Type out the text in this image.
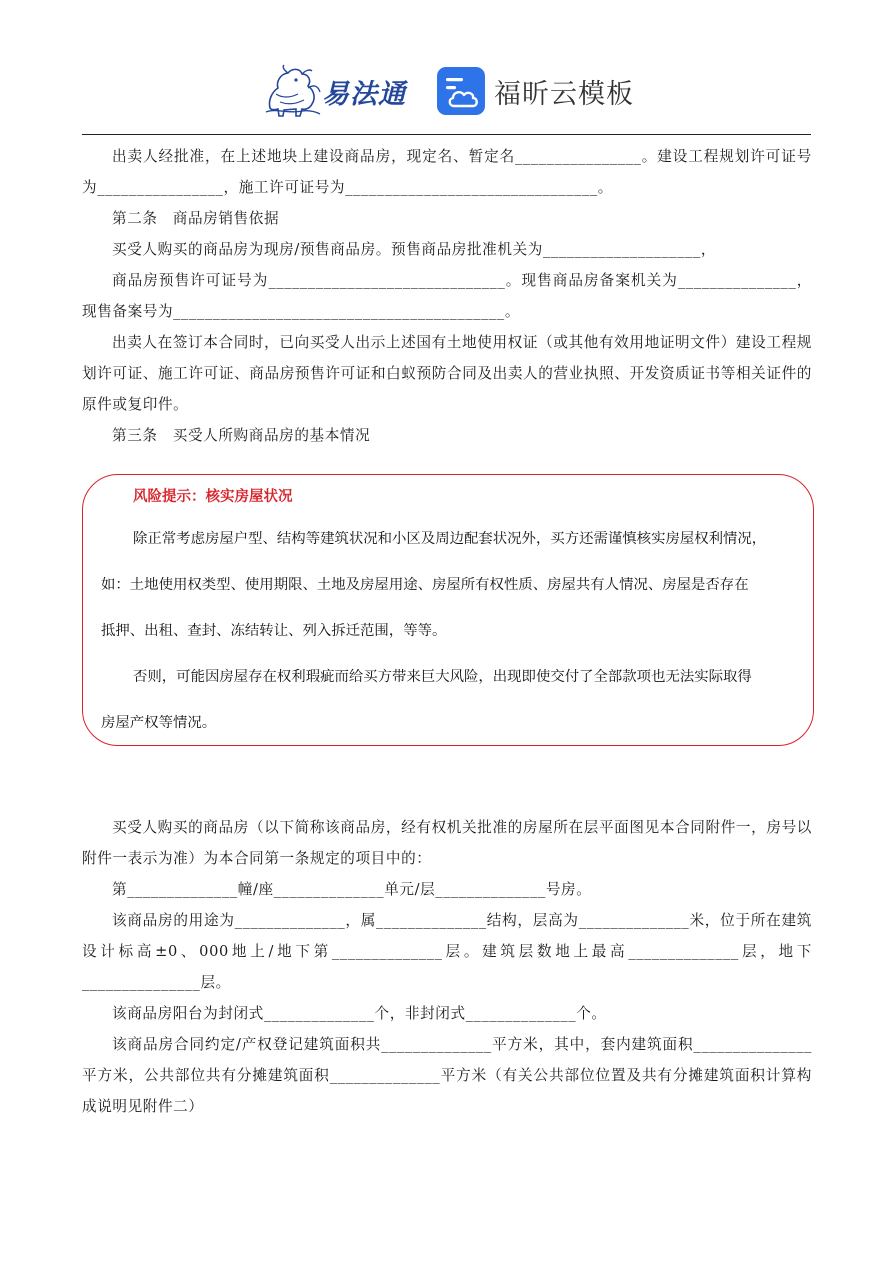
易法通	福昕云模板

出卖人经批准，在上述地块上建设商品房，现定名、暂定名________________。建设工程规划许可证号为________________，施工许可证号为________________________________。

第二条　商品房销售依据

买受人购买的商品房为现房/预售商品房。预售商品房批准机关为____________________，

商品房预售许可证号为______________________________。现售商品房备案机关为_______________，现售备案号为__________________________________________。

出卖人在签订本合同时，已向买受人出示上述国有土地使用权证（或其他有效用地证明文件）建设工程规划许可证、施工许可证、商品房预售许可证和白蚁预防合同及出卖人的营业执照、开发资质证书等相关证件的原件或复印件。

第三条　买受人所购商品房的基本情况

风险提示：核实房屋状况

除正常考虑房屋户型、结构等建筑状况和小区及周边配套状况外，买方还需谨慎核实房屋权利情况，

如：土地使用权类型、使用期限、土地及房屋用途、房屋所有权性质、房屋共有人情况、房屋是否存在

抵押、出租、查封、冻结转让、列入拆迁范围，等等。

否则，可能因房屋存在权利瑕疵而给买方带来巨大风险，出现即使交付了全部款项也无法实际取得

房屋产权等情况。

买受人购买的商品房（以下简称该商品房，经有权机关批准的房屋所在层平面图见本合同附件一，房号以附件一表示为准）为本合同第一条规定的项目中的：

第______________幢/座______________单元/层______________号房。

该商品房的用途为______________，属______________结构，层高为______________米，位于所在建筑设计标高±0、000地上/地下第______________层。建筑层数地上最高______________层，地下_______________层。

该商品房阳台为封闭式______________个，非封闭式______________个。

该商品房合同约定/产权登记建筑面积共______________平方米，其中，套内建筑面积_______________平方米，公共部位共有分摊建筑面积______________平方米（有关公共部位位置及共有分摊建筑面积计算构成说明见附件二）
